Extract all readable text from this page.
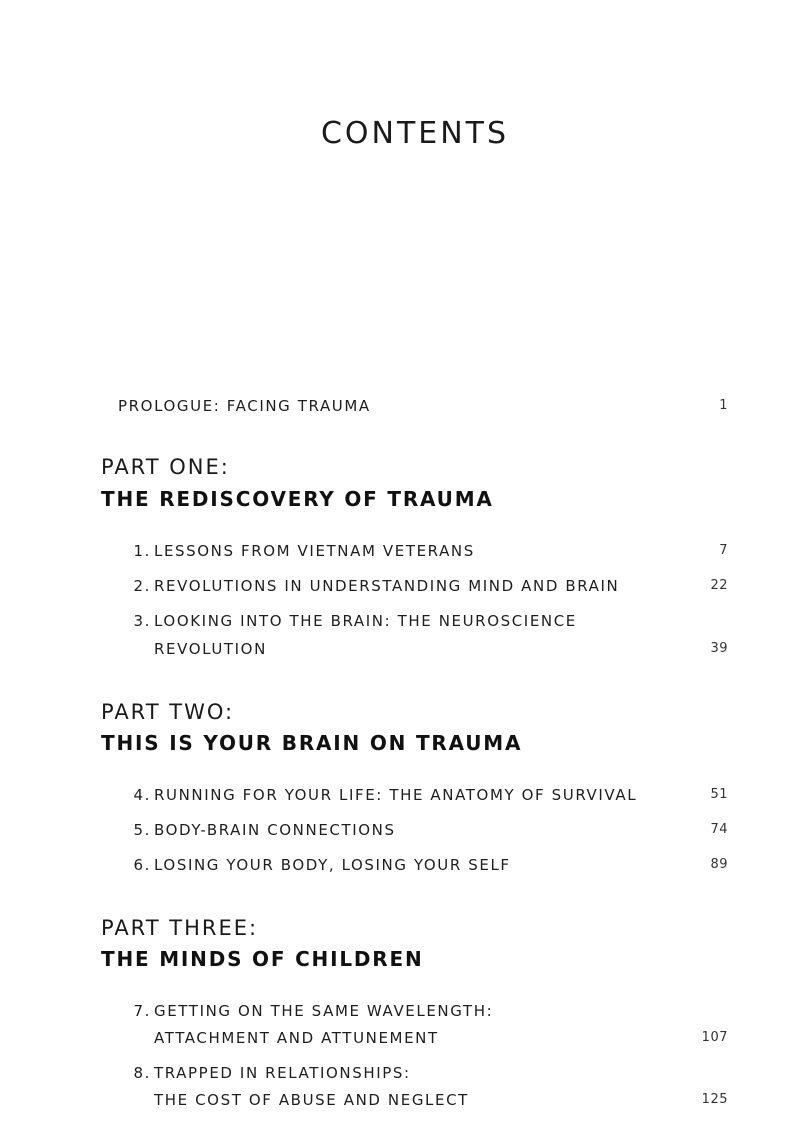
CONTENTS
PROLOGUE: FACING TRAUMA	1
PART ONE:
THE REDISCOVERY OF TRAUMA
1. LESSONS FROM VIETNAM VETERANS	7
2. REVOLUTIONS IN UNDERSTANDING MIND AND BRAIN	22
3. LOOKING INTO THE BRAIN: THE NEUROSCIENCE
REVOLUTION	39
PART TWO:
THIS IS YOUR BRAIN ON TRAUMA
4. RUNNING FOR YOUR LIFE: THE ANATOMY OF SURVIVAL	51
5. BODY-BRAIN CONNECTIONS	74
6. LOSING YOUR BODY, LOSING YOUR SELF	89
PART THREE:
THE MINDS OF CHILDREN
7. GETTING ON THE SAME WAVELENGTH:
ATTACHMENT AND ATTUNEMENT	107
8. TRAPPED IN RELATIONSHIPS:
THE COST OF ABUSE AND NEGLECT	125
